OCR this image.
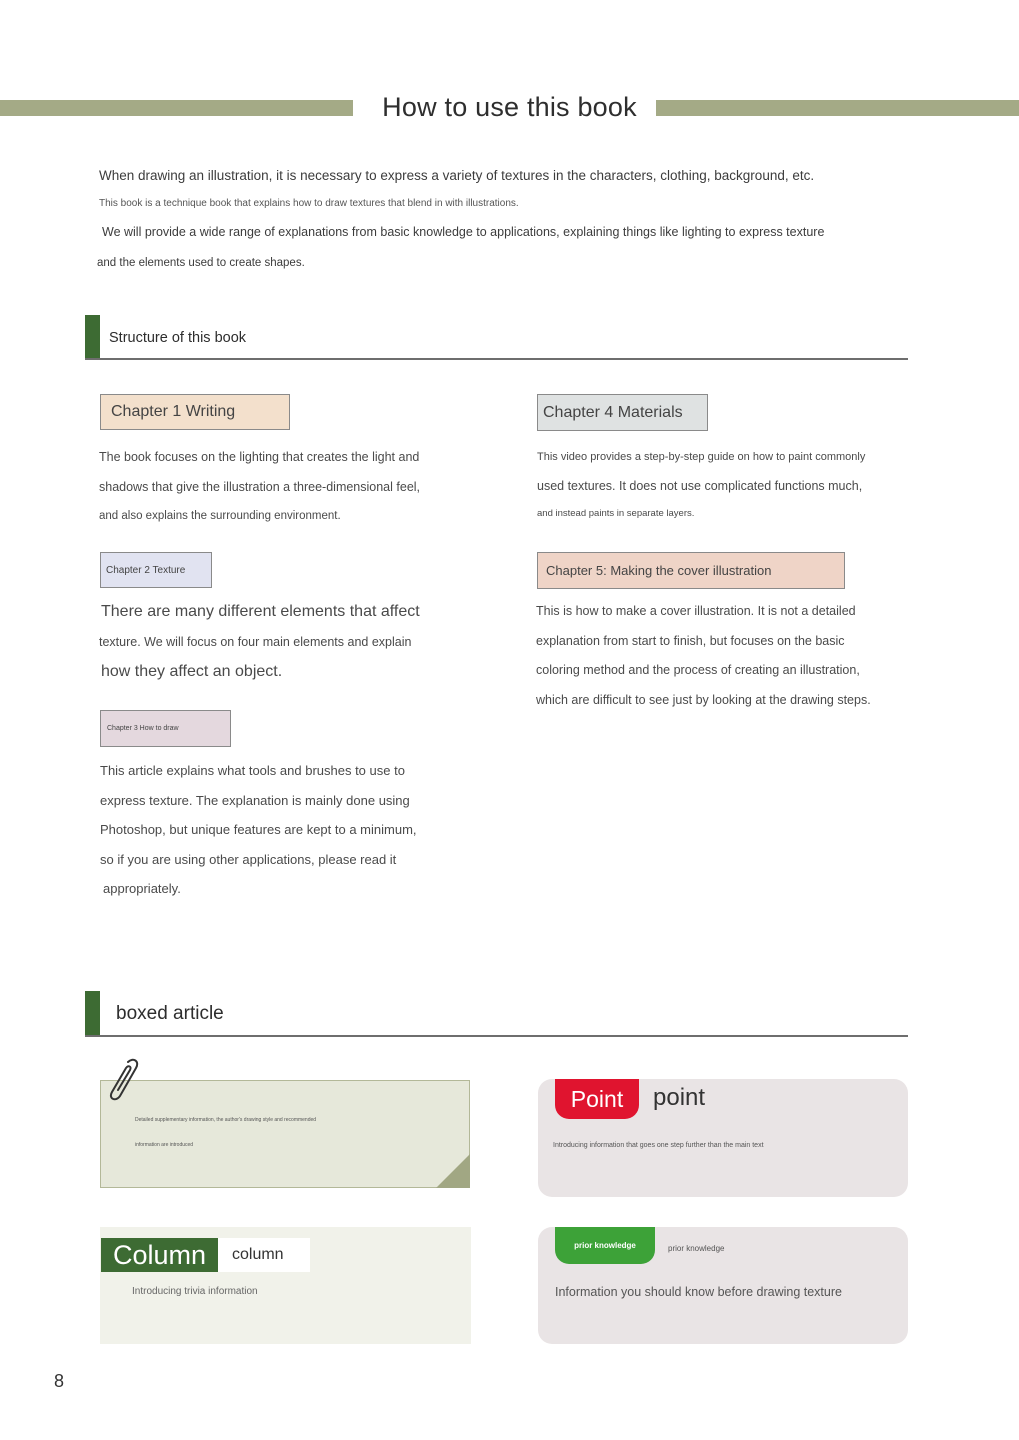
How to use this book
When drawing an illustration, it is necessary to express a variety of textures in the characters, clothing, background, etc.
This book is a technique book that explains how to draw textures that blend in with illustrations.
We will provide a wide range of explanations from basic knowledge to applications, explaining things like lighting to express texture
and the elements used to create shapes.
Structure of this book
Chapter 1 Writing

The book focuses on the lighting that creates the light and
shadows that give the illustration a three-dimensional feel,
and also explains the surrounding environment.

Chapter 2 Texture

There are many different elements that affect
texture. We will focus on four main elements and explain
how they affect an object.

Chapter 3 How to draw

This article explains what tools and brushes to use to
express texture. The explanation is mainly done using
Photoshop, but unique features are kept to a minimum,
so if you are using other applications, please read it
appropriately.

Chapter 4 Materials

This video provides a step-by-step guide on how to paint commonly
used textures. It does not use complicated functions much,
and instead paints in separate layers.

Chapter 5: Making the cover illustration

This is how to make a cover illustration. It is not a detailed
explanation from start to finish, but focuses on the basic
coloring method and the process of creating an illustration,
which are difficult to see just by looking at the drawing steps.

boxed article
Detailed supplementary information, the author's drawing style and recommended
information are introduced
Point	point
Introducing information that goes one step further than the main text
Column	column
Introducing trivia information
prior knowledge	prior knowledge
Information you should know before drawing texture
8
